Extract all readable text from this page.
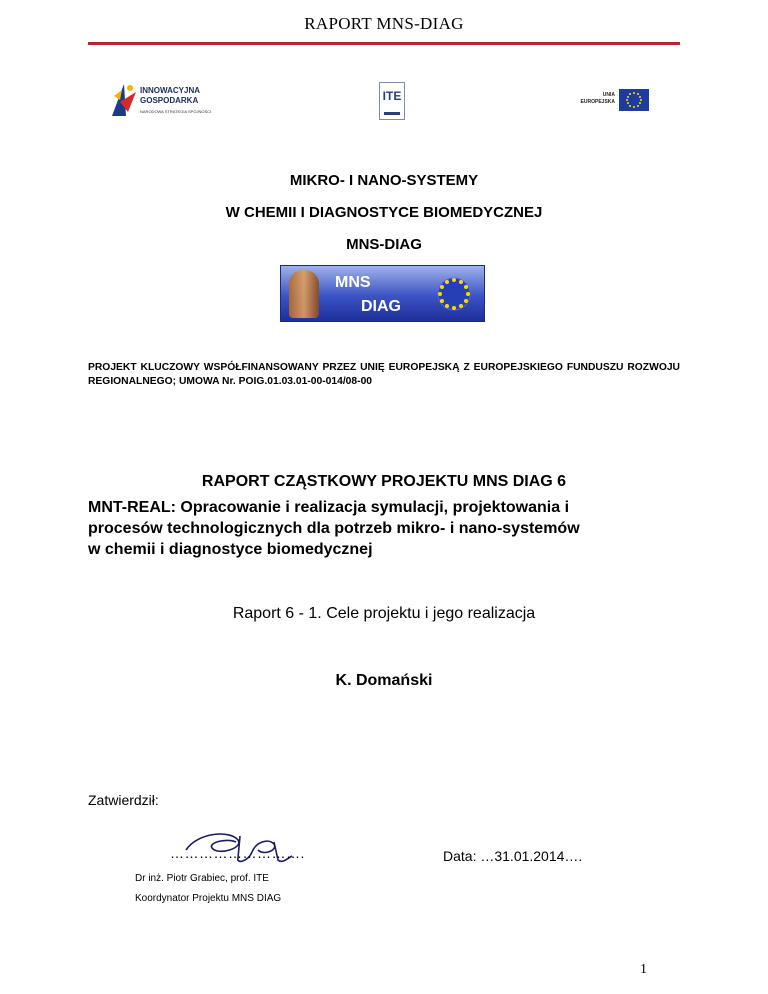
RAPORT MNS-DIAG
INNOWACYJNA
GOSPODARKA
NARODOWA STRATEGIA SPÓJNOŚCI
ITE	UNIA
EUROPEJSKA
MIKRO- I NANO-SYSTEMY
W CHEMII I DIAGNOSTYCE BIOMEDYCZNEJ
MNS-DIAG
MNS
DIAG
PROJEKT KLUCZOWY WSPÓŁFINANSOWANY PRZEZ UNIĘ EUROPEJSKĄ Z EUROPEJSKIEGO FUNDUSZU ROZWOJU REGIONALNEGO; UMOWA Nr. POIG.01.03.01-00-014/08-00
RAPORT CZĄSTKOWY PROJEKTU MNS DIAG 6
MNT-REAL: Opracowanie i realizacja symulacji, projektowania i
procesów technologicznych dla potrzeb mikro- i nano-systemów
w chemii i diagnostyce biomedycznej
Raport 6 - 1. Cele projektu i jego realizacja
K. Domański
Zatwierdził:
……………………….	Data: …31.01.2014….
Dr inż. Piotr Grabiec, prof. ITE
Koordynator Projektu MNS DIAG
1
